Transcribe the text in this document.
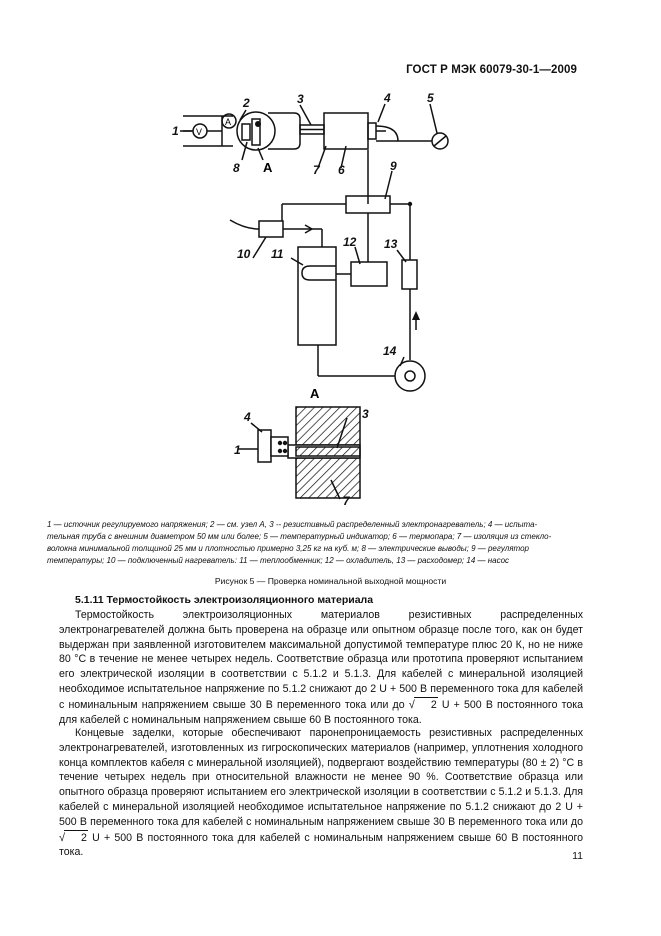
ГОСТ Р МЭК 60079-30-1—2009
1
2	3	4	5
6
7
8	9
10 11
12 13
14
4	3
1
7
A
А
V
A
1 — источник регулируемого напряжения; 2 — см. узел А, 3 -- резистивный распределенный электронагреватель; 4 — испыта-
тельная труба с внешним диаметром 50 мм или более; 5 — температурный индикатор; 6 — термопара; 7 — изоляция из стекло-
волокна минимальной толщиной 25 мм и плотностью примерно 3,25 кг на куб. м; 8 — электрические выводы; 9 — регулятор
температуры; 10 — подключенный нагреватель: 11 — теплообменник; 12 — охладитель, 13 — расходомер; 14 — насос
Рисунок 5 — Проверка номинальной выходной мощности
5.1.11 Термостойкость электроизоляционного материала
Термостойкость электроизоляционных материалов резистивных распределенных электронагревателей должна быть проверена на образце или опытном образце после того, как он будет выдержан при заявленной изготовителем максимальной допустимой температуре плюс 20 К, но не ниже 80 °С в течение не менее четырех недель. Соответствие образца или прототипа проверяют испытанием его электрической изоляции в соответствии с 5.1.2 и 5.1.3. Для кабелей с минеральной изоляцией необходимое испытательное напряжение по 5.1.2 снижают до 2 U + 500 В переменного тока для кабелей с номинальным напряжением свыше 30 В переменного тока или до √ 2 U + 500 В постоянного тока для кабелей с номинальным напряжением свыше 60 В постоянного тока.
Концевые заделки, которые обеспечивают паронепроницаемость резистивных распределенных электронагревателей, изготовленных из гигроскопических материалов (например, уплотнения холодного конца комплектов кабеля с минеральной изоляцией), подвергают воздействию температуры (80 ± 2) °С в течение четырех недель при относительной влажности не менее 90 %. Соответствие образца или опытного образца проверяют испытанием его электрической изоляции в соответствии с 5.1.2 и 5.1.3. Для кабелей с минеральной изоляцией необходимое испытательное напряжение по 5.1.2 снижают до 2 U + 500 В переменного тока для кабелей с номинальным напряжением свыше 30 В переменного тока или до √ 2 U + 500 В постоянного тока для кабелей с номинальным напряжением свыше 60 В постоянного тока.	11
